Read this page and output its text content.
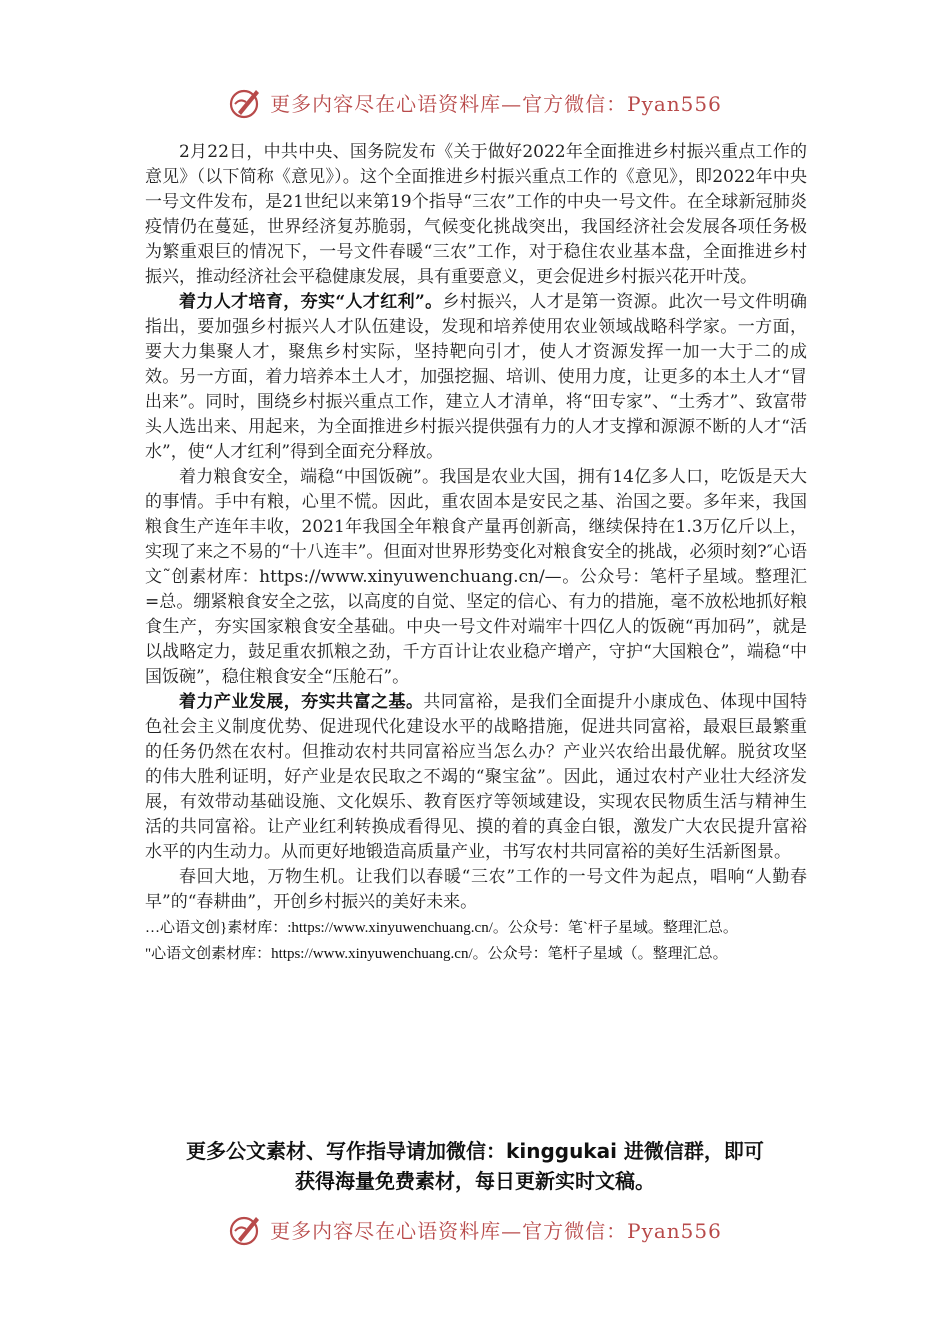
更多内容尽在心语资料库—官方微信：Pyan556

2月22日，中共中央、国务院发布《关于做好2022年全面推进乡村振兴重点工作的意见》（以下简称《意见》）。这个全面推进乡村振兴重点工作的《意见》，即2022年中央一号文件发布，是21世纪以来第19个指导“三农”工作的中央一号文件。在全球新冠肺炎疫情仍在蔓延，世界经济复苏脆弱，气候变化挑战突出，我国经济社会发展各项任务极为繁重艰巨的情况下，一号文件春暖“三农”工作，对于稳住农业基本盘，全面推进乡村振兴，推动经济社会平稳健康发展，具有重要意义，更会促进乡村振兴花开叶茂。

着力人才培育，夯实“人才红利”。乡村振兴，人才是第一资源。此次一号文件明确指出，要加强乡村振兴人才队伍建设，发现和培养使用农业领域战略科学家。一方面，要大力集聚人才，聚焦乡村实际，坚持靶向引才，使人才资源发挥一加一大于二的成效。另一方面，着力培养本土人才，加强挖掘、培训、使用力度，让更多的本土人才“冒出来”。同时，围绕乡村振兴重点工作，建立人才清单，将“田专家”、“土秀才”、致富带头人选出来、用起来，为全面推进乡村振兴提供强有力的人才支撑和源源不断的人才“活水”，使“人才红利”得到全面充分释放。

着力粮食安全，端稳“中国饭碗”。我国是农业大国，拥有14亿多人口，吃饭是天大的事情。手中有粮，心里不慌。因此，重农固本是安民之基、治国之要。多年来，我国粮食生产连年丰收，2021年我国全年粮食产量再创新高，继续保持在1.3万亿斤以上，实现了来之不易的“十八连丰”。但面对世界形势变化对粮食安全的挑战，必须时刻?″心语文˜创素材库：https://www.xinyuwenchuang.cn/—。公众号：笔杆子星域。整理汇=总。绷紧粮食安全之弦，以高度的自觉、坚定的信心、有力的措施，毫不放松地抓好粮食生产，夯实国家粮食安全基础。中央一号文件对端牢十四亿人的饭碗“再加码”，就是以战略定力，鼓足重农抓粮之劲，千方百计让农业稳产增产，守护“大国粮仓”，端稳“中国饭碗”，稳住粮食安全“压舱石”。

着力产业发展，夯实共富之基。共同富裕，是我们全面提升小康成色、体现中国特色社会主义制度优势、促进现代化建设水平的战略措施，促进共同富裕，最艰巨最繁重的任务仍然在农村。但推动农村共同富裕应当怎么办？产业兴农给出最优解。脱贫攻坚的伟大胜利证明，好产业是农民取之不竭的“聚宝盆”。因此，通过农村产业壮大经济发展，有效带动基础设施、文化娱乐、教育医疗等领域建设，实现农民物质生活与精神生活的共同富裕。让产业红利转换成看得见、摸的着的真金白银，激发广大农民提升富裕水平的内生动力。从而更好地锻造高质量产业，书写农村共同富裕的美好生活新图景。

春回大地，万物生机。让我们以春暖“三农”工作的一号文件为起点，唱响“人勤春早”的“春耕曲”，开创乡村振兴的美好未来。

…心语文创}素材库：:https://www.xinyuwenchuang.cn/。公众号：笔`杆子星域。整理汇总。
"心语文创素材库：https://www.xinyuwenchuang.cn/。公众号：笔杆子星域（。整理汇总。
更多公文素材、写作指导请加微信：kinggukai 进微信群，即可
获得海量免费素材，每日更新实时文稿。
更多内容尽在心语资料库—官方微信：Pyan556
